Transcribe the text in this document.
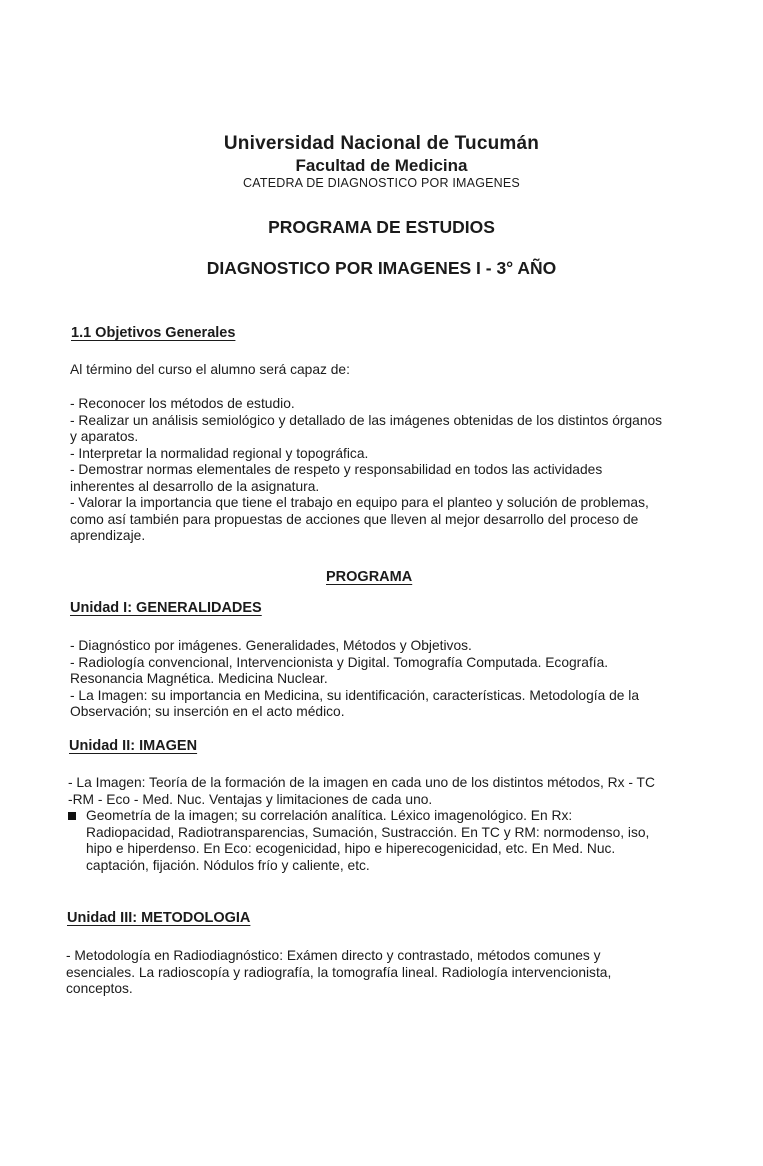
Universidad Nacional de Tucumán
Facultad de Medicina
CATEDRA DE DIAGNOSTICO POR IMAGENES
PROGRAMA DE ESTUDIOS
DIAGNOSTICO POR IMAGENES I - 3° AÑO
1.1 Objetivos Generales
Al término del curso el alumno será capaz de:

- Reconocer los métodos de estudio.

- Realizar un análisis semiológico y detallado de las imágenes obtenidas de los distintos órganos y aparatos.

- Interpretar la normalidad regional y topográfica.

- Demostrar normas elementales de respeto y responsabilidad en todos las actividades inherentes al desarrollo de la asignatura.

- Valorar la importancia que tiene el trabajo en equipo para el planteo y solución de problemas, como así también para propuestas de acciones que lleven al mejor desarrollo del proceso de aprendizaje.

PROGRAMA
Unidad I: GENERALIDADES

- Diagnóstico por imágenes. Generalidades, Métodos y Objetivos.

- Radiología convencional, Intervencionista y Digital. Tomografía Computada. Ecografía. Resonancia Magnética. Medicina Nuclear.

- La Imagen: su importancia en Medicina, su identificación, características. Metodología de la Observación; su inserción en el acto médico.

Unidad II: IMAGEN

- La Imagen: Teoría de la formación de la imagen en cada uno de los distintos métodos, Rx - TC -RM - Eco - Med. Nuc. Ventajas y limitaciones de cada uno.

Geometría de la imagen; su correlación analítica. Léxico imagenológico. En Rx: Radiopacidad, Radiotransparencias, Sumación, Sustracción. En TC y RM: normodenso, iso, hipo e hiperdenso. En Eco: ecogenicidad, hipo e hiperecogenicidad, etc. En Med. Nuc. captación, fijación. Nódulos frío y caliente, etc.
Unidad III: METODOLOGIA

- Metodología en Radiodiagnóstico: Exámen directo y contrastado, métodos comunes y esenciales. La radioscopía y radiografía, la tomografía lineal. Radiología intervencionista, conceptos.
